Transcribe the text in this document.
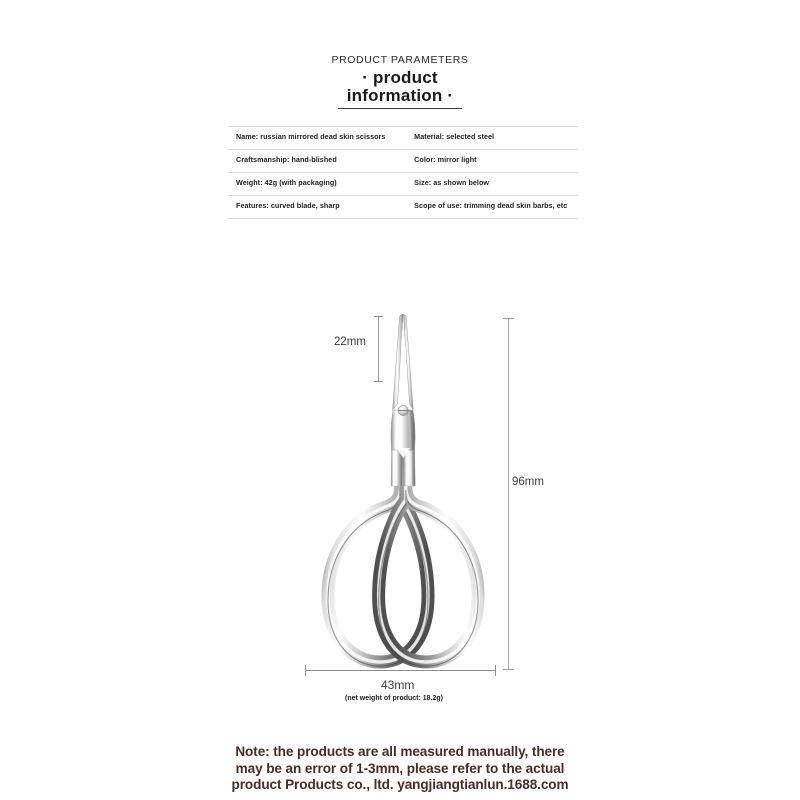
PRODUCT PARAMETERS
· product
information ·
Name: russian mirrored dead skin scissors	Material: selected steel
Craftsmanship: hand-blished	Color: mirror light
Weight: 42g (with packaging)	Size: as shown below
Features: curved blade, sharp	Scope of use: trimming dead skin barbs, etc
22mm
96mm
43mm
(net weight of product: 18.2g)
Note: the products are all measured manually, there
may be an error of 1-3mm, please refer to the actual
product Products co., ltd. yangjiangtianlun.1688.com
